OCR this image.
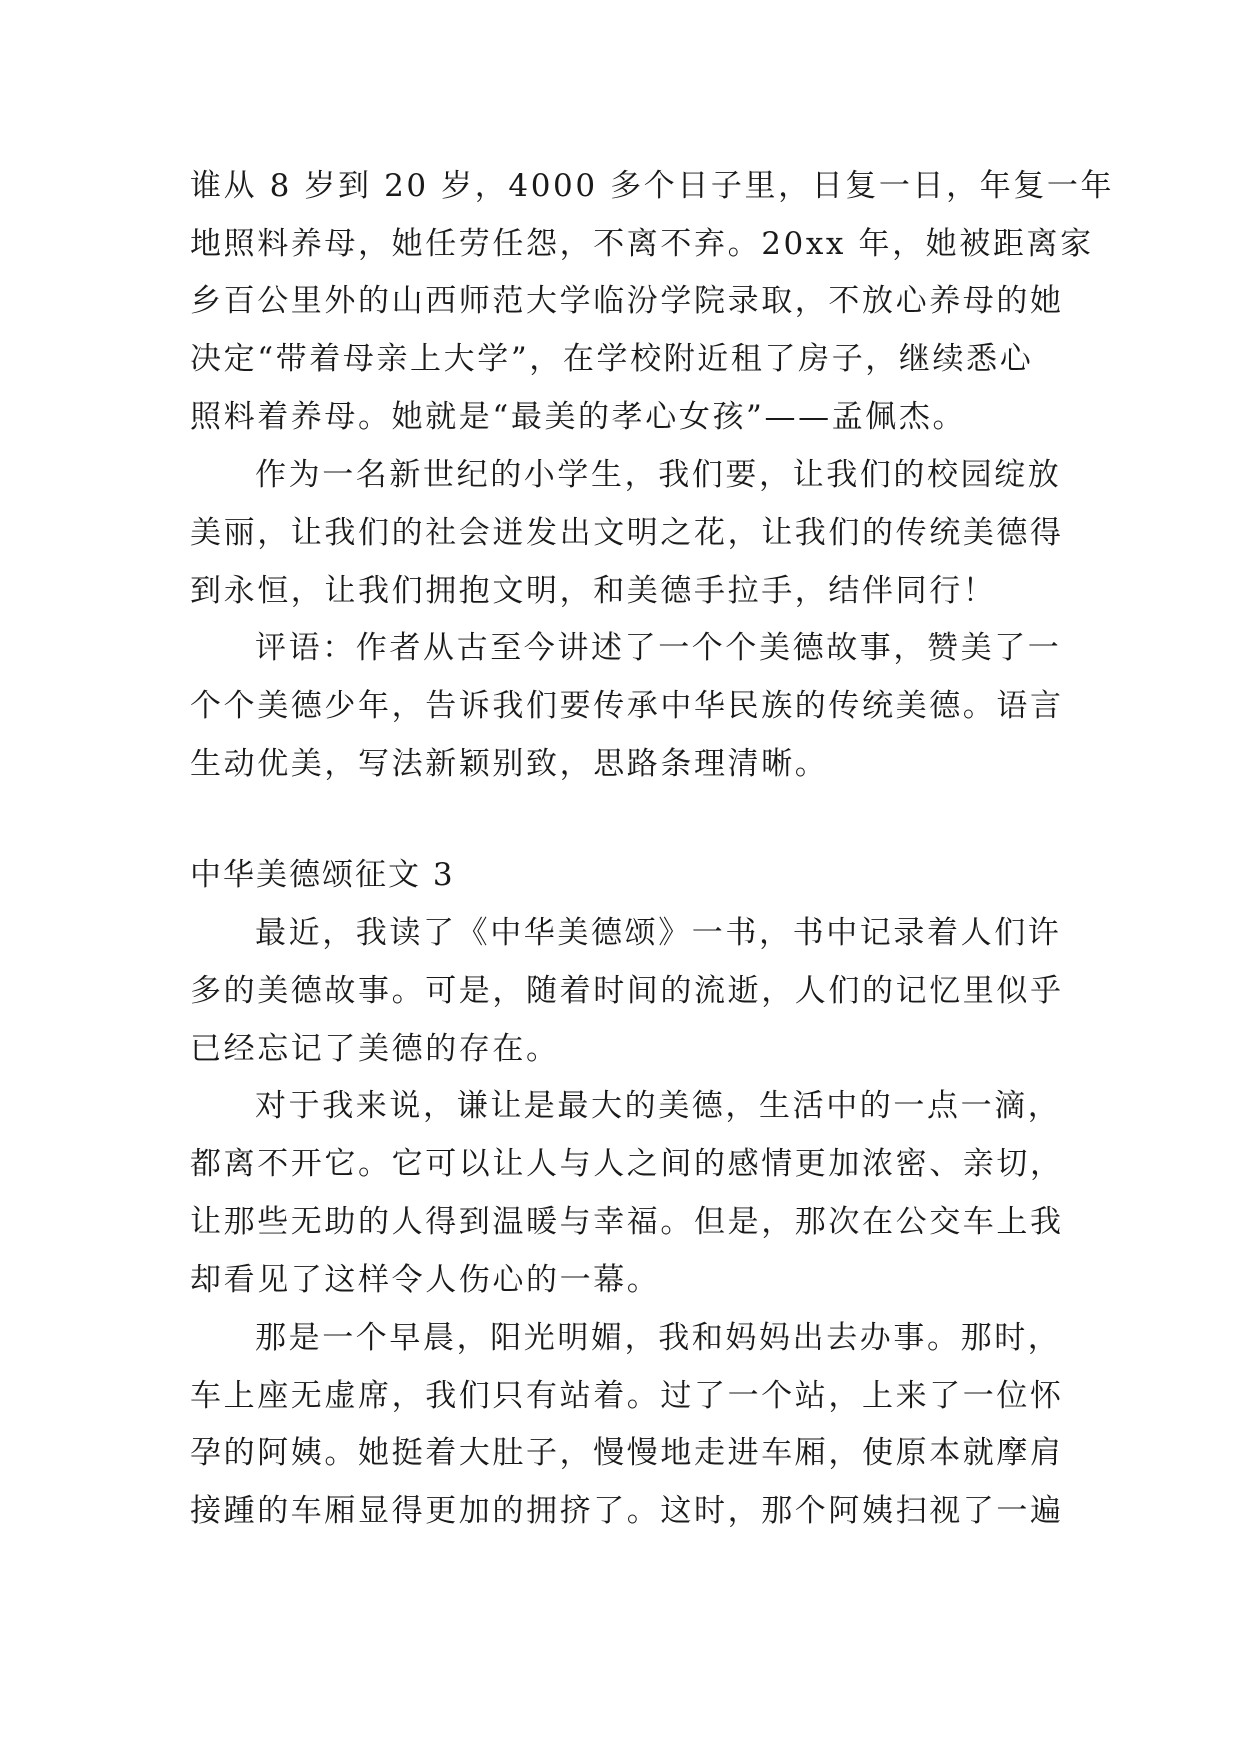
谁从 8 岁到 20 岁，4000 多个日子里，日复一日，年复一年
地照料养母，她任劳任怨，不离不弃。20xx 年，她被距离家
乡百公里外的山西师范大学临汾学院录取，不放心养母的她
决定“带着母亲上大学”，在学校附近租了房子，继续悉心
照料着养母。她就是“最美的孝心女孩”——孟佩杰。
作为一名新世纪的小学生，我们要，让我们的校园绽放
美丽，让我们的社会迸发出文明之花，让我们的传统美德得
到永恒，让我们拥抱文明，和美德手拉手，结伴同行！
评语：作者从古至今讲述了一个个美德故事，赞美了一
个个美德少年，告诉我们要传承中华民族的传统美德。语言
生动优美，写法新颖别致，思路条理清晰。
中华美德颂征文 3
最近，我读了《中华美德颂》一书，书中记录着人们许
多的美德故事。可是，随着时间的流逝，人们的记忆里似乎
已经忘记了美德的存在。
对于我来说，谦让是最大的美德，生活中的一点一滴，
都离不开它。它可以让人与人之间的感情更加浓密、亲切，
让那些无助的人得到温暖与幸福。但是，那次在公交车上我
却看见了这样令人伤心的一幕。
那是一个早晨，阳光明媚，我和妈妈出去办事。那时，
车上座无虚席，我们只有站着。过了一个站，上来了一位怀
孕的阿姨。她挺着大肚子，慢慢地走进车厢，使原本就摩肩
接踵的车厢显得更加的拥挤了。这时，那个阿姨扫视了一遍
